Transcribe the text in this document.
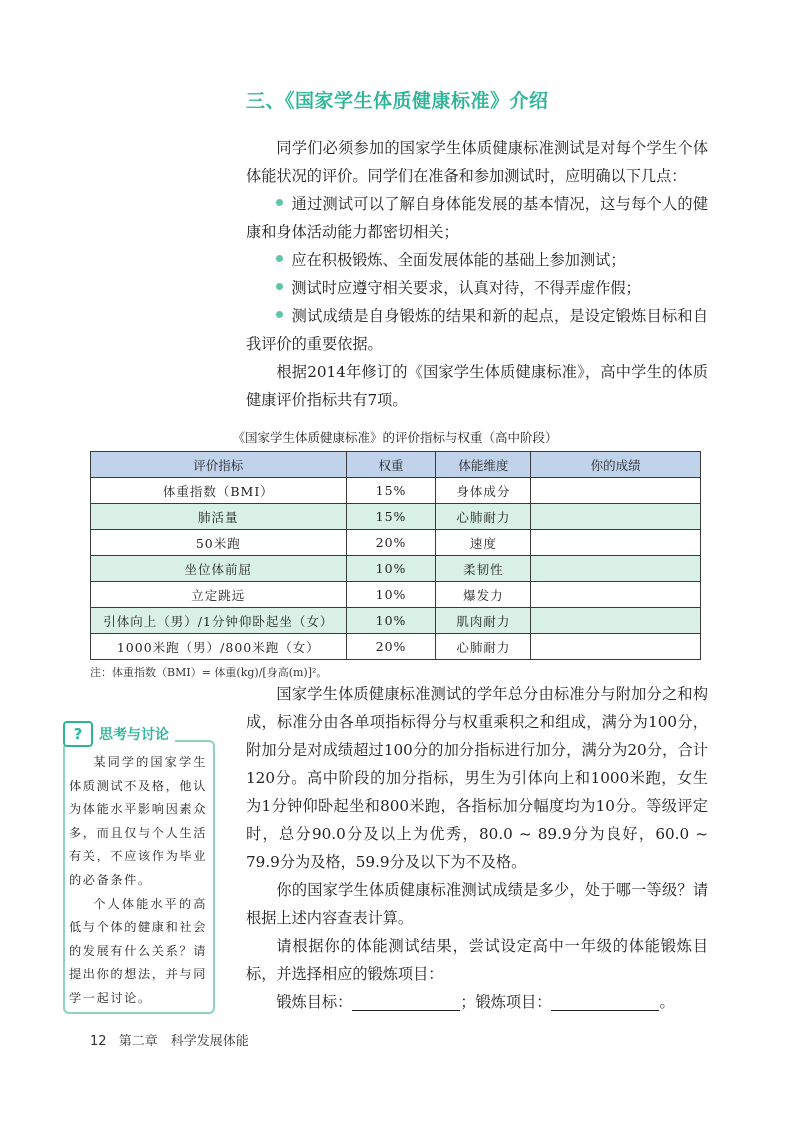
三、《国家学生体质健康标准》介绍

同学们必须参加的国家学生体质健康标准测试是对每个学生个体体能状况的评价。同学们在准备和参加测试时，应明确以下几点：

通过测试可以了解自身体能发展的基本情况，这与每个人的健康和身体活动能力都密切相关；

应在积极锻炼、全面发展体能的基础上参加测试；

测试时应遵守相关要求，认真对待，不得弄虚作假；

测试成绩是自身锻炼的结果和新的起点，是设定锻炼目标和自我评价的重要依据。

根据2014年修订的《国家学生体质健康标准》，高中学生的体质健康评价指标共有7项。

《国家学生体质健康标准》的评价指标与权重（高中阶段）
评价指标	权重	体能维度	你的成绩
体重指数（BMI）	15%	身体成分	
肺活量	15%	心肺耐力	
50米跑	20%	速度	
坐位体前屈	10%	柔韧性	
立定跳远	10%	爆发力	
引体向上（男）/1分钟仰卧起坐（女）	10%	肌肉耐力	
1000米跑（男）/800米跑（女）	20%	心肺耐力	
注：体重指数（BMI）= 体重(kg)/[身高(m)]²。

国家学生体质健康标准测试的学年总分由标准分与附加分之和构成，标准分由各单项指标得分与权重乘积之和组成，满分为100分，附加分是对成绩超过100分的加分指标进行加分，满分为20分，合计120分。高中阶段的加分指标，男生为引体向上和1000米跑，女生为1分钟仰卧起坐和800米跑，各指标加分幅度均为10分。等级评定时，总分90.0分及以上为优秀，80.0 ~ 89.9分为良好，60.0 ~ 79.9分为及格，59.9分及以下为不及格。

你的国家学生体质健康标准测试成绩是多少，处于哪一等级？请根据上述内容查表计算。

请根据你的体能测试结果，尝试设定高中一年级的体能锻炼目标，并选择相应的锻炼项目：

锻炼目标：	；锻炼项目：	。

?	思考与讨论

某同学的国家学生体质测试不及格，他认为体能水平影响因素众多，而且仅与个人生活有关，不应该作为毕业的必备条件。

个人体能水平的高低与个体的健康和社会的发展有什么关系？请提出你的想法，并与同学一起讨论。

12 第二章　科学发展体能
